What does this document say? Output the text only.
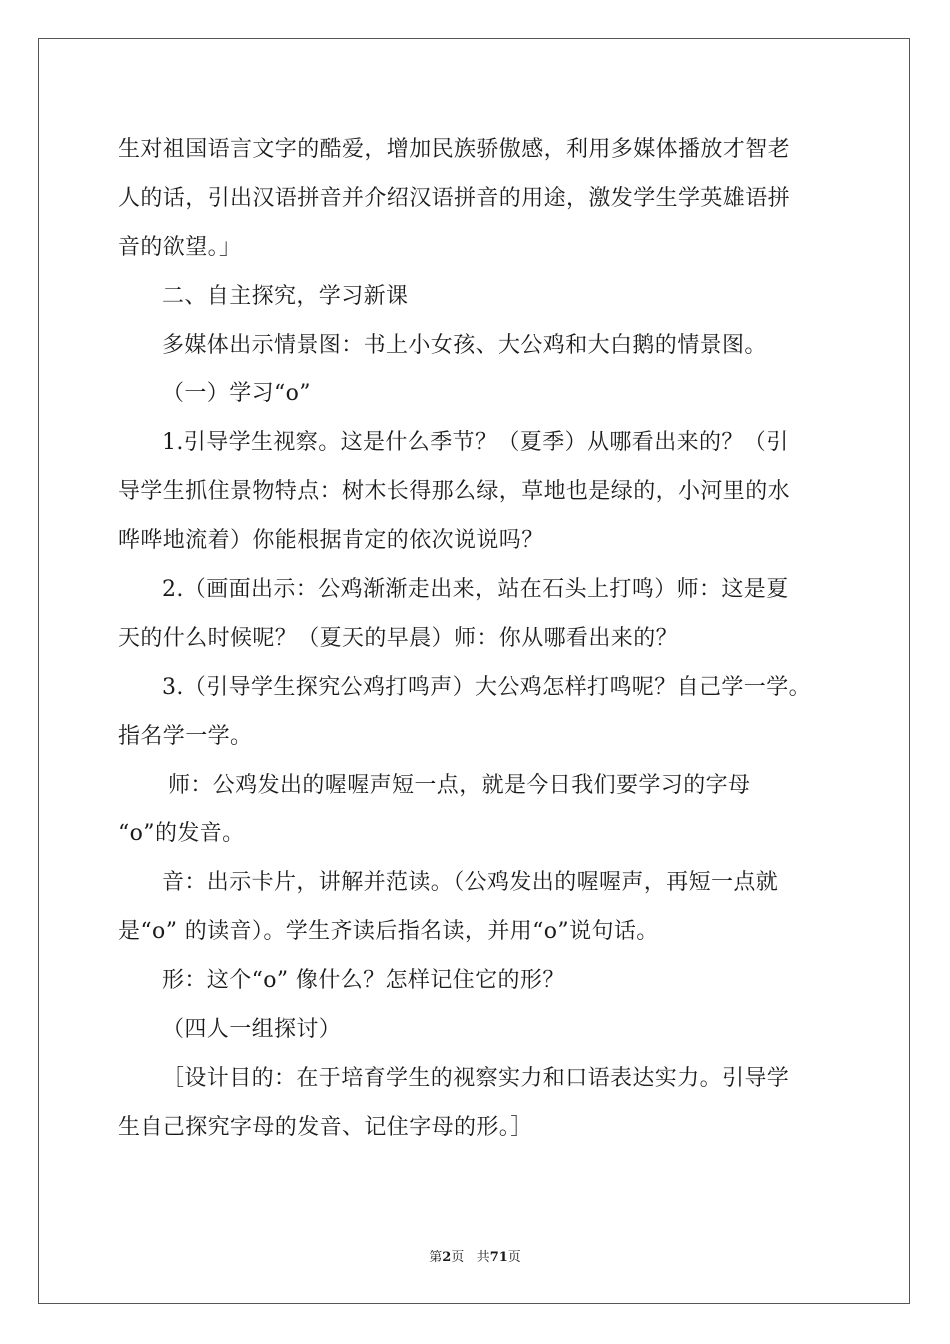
生对祖国语言文字的酷爱，增加民族骄傲感，利用多媒体播放才智老
人的话，引出汉语拼音并介绍汉语拼音的用途，激发学生学英雄语拼
音的欲望。」
二、自主探究，学习新课
多媒体出示情景图：书上小女孩、大公鸡和大白鹅的情景图。
（一）学习“o”
1.引导学生视察。这是什么季节？（夏季）从哪看出来的？（引
导学生抓住景物特点：树木长得那么绿，草地也是绿的，小河里的水
哗哗地流着）你能根据肯定的依次说说吗？
2.（画面出示：公鸡渐渐走出来，站在石头上打鸣）师：这是夏
天的什么时候呢？（夏天的早晨）师：你从哪看出来的？
3.（引导学生探究公鸡打鸣声）大公鸡怎样打鸣呢？自己学一学。
指名学一学。
师：公鸡发出的喔喔声短一点，就是今日我们要学习的字母
“o”的发音。
音：出示卡片，讲解并范读。（公鸡发出的喔喔声，再短一点就
是“o” 的读音）。学生齐读后指名读，并用“o”说句话。
形：这个“o” 像什么？怎样记住它的形？
（四人一组探讨）
［设计目的：在于培育学生的视察实力和口语表达实力。引导学
生自己探究字母的发音、记住字母的形。］
第2页 共71页
